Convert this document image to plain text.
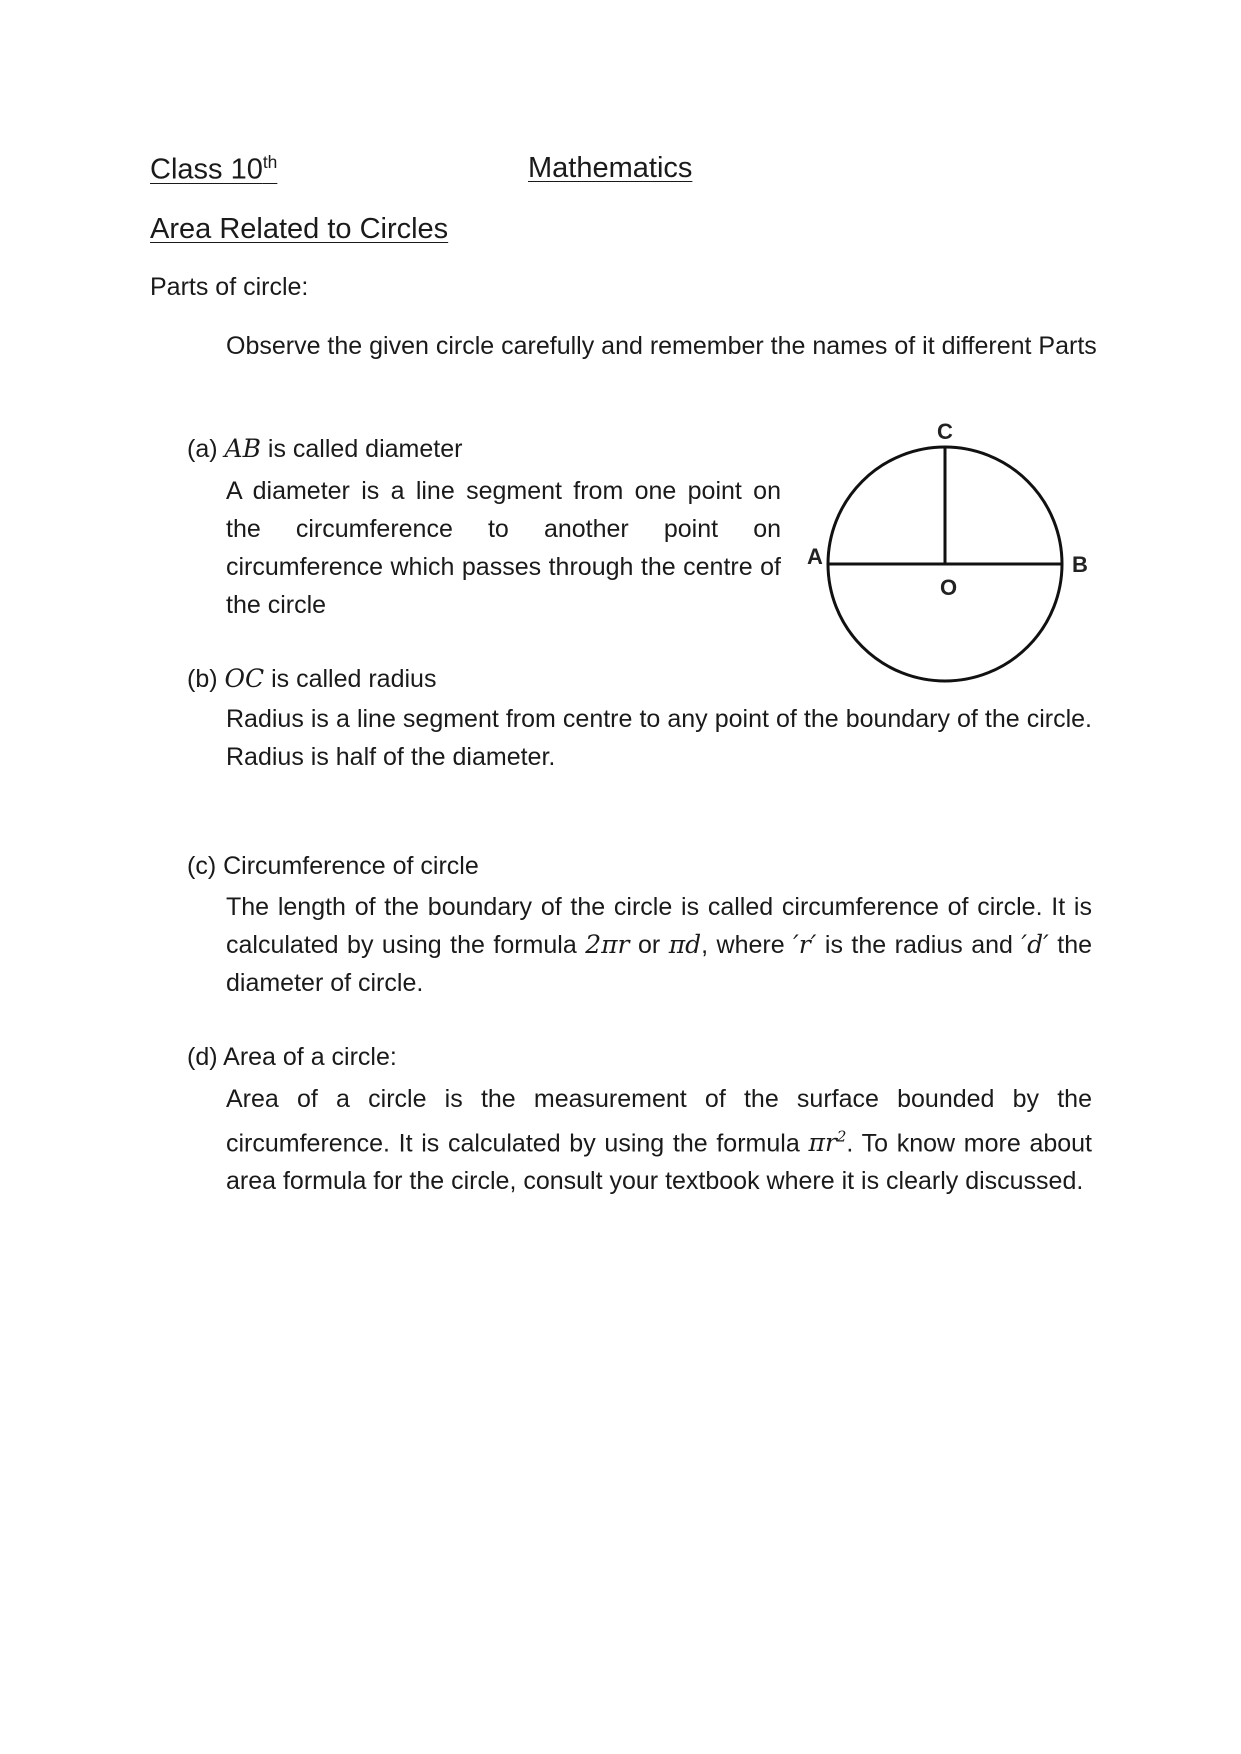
Class 10th	Mathematics
Area Related to Circles
Parts of circle:
Observe the given circle carefully and remember the names of it different Parts
(a) AB is called diameter
A diameter is a line segment from one point on the circumference to another point on circumference which passes through the centre of the circle
C
A	B
O
(b) OC is called radius
Radius is a line segment from centre to any point of the boundary of the circle. Radius is half of the diameter.
(c) Circumference of circle
The length of the boundary of the circle is called circumference of circle. It is calculated by using the formula 2πr or πd, where ′r′ is the radius and ′d′ the diameter of circle.
(d) Area of a circle:
Area of a circle is the measurement of the surface bounded by the circumference. It is calculated by using the formula $\pi r^2$. To know more about area formula for the circle, consult your textbook where it is clearly discussed.
